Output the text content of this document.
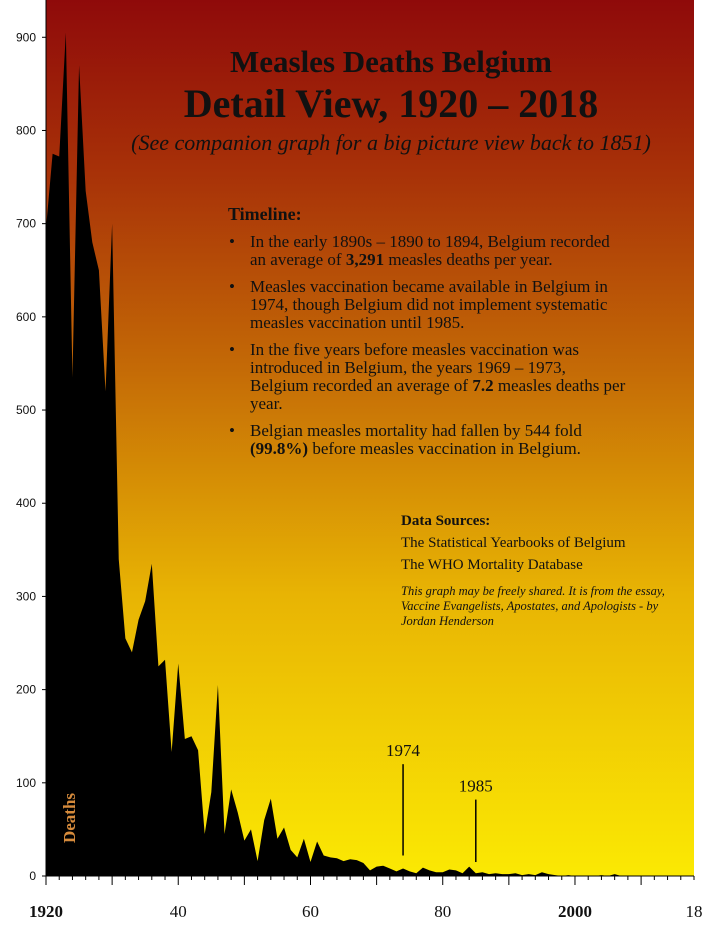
0
100
200
300
400
500
600
700
800
900
1920	40	60	80	2000	18
1974
1985
Measles Deaths Belgium
Detail View, 1920 – 2018
(See companion graph for a big picture view back to 1851)
Timeline:
• In the early 1890s – 1890 to 1894, Belgium recorded an average of 3,291 measles deaths per year.
• Measles vaccination became available in Belgium in 1974, though Belgium did not implement systematic measles vaccination until 1985.
• In the five years before measles vaccination was introduced in Belgium, the years 1969 – 1973, Belgium recorded an average of 7.2 measles deaths per year.
• Belgian measles mortality had fallen by 544 fold (99.8%) before measles vaccination in Belgium.
Data Sources:
The Statistical Yearbooks of Belgium
The WHO Mortality Database
This graph may be freely shared. It is from the essay, Vaccine Evangelists, Apostates, and Apologists - by Jordan Henderson
Deaths
